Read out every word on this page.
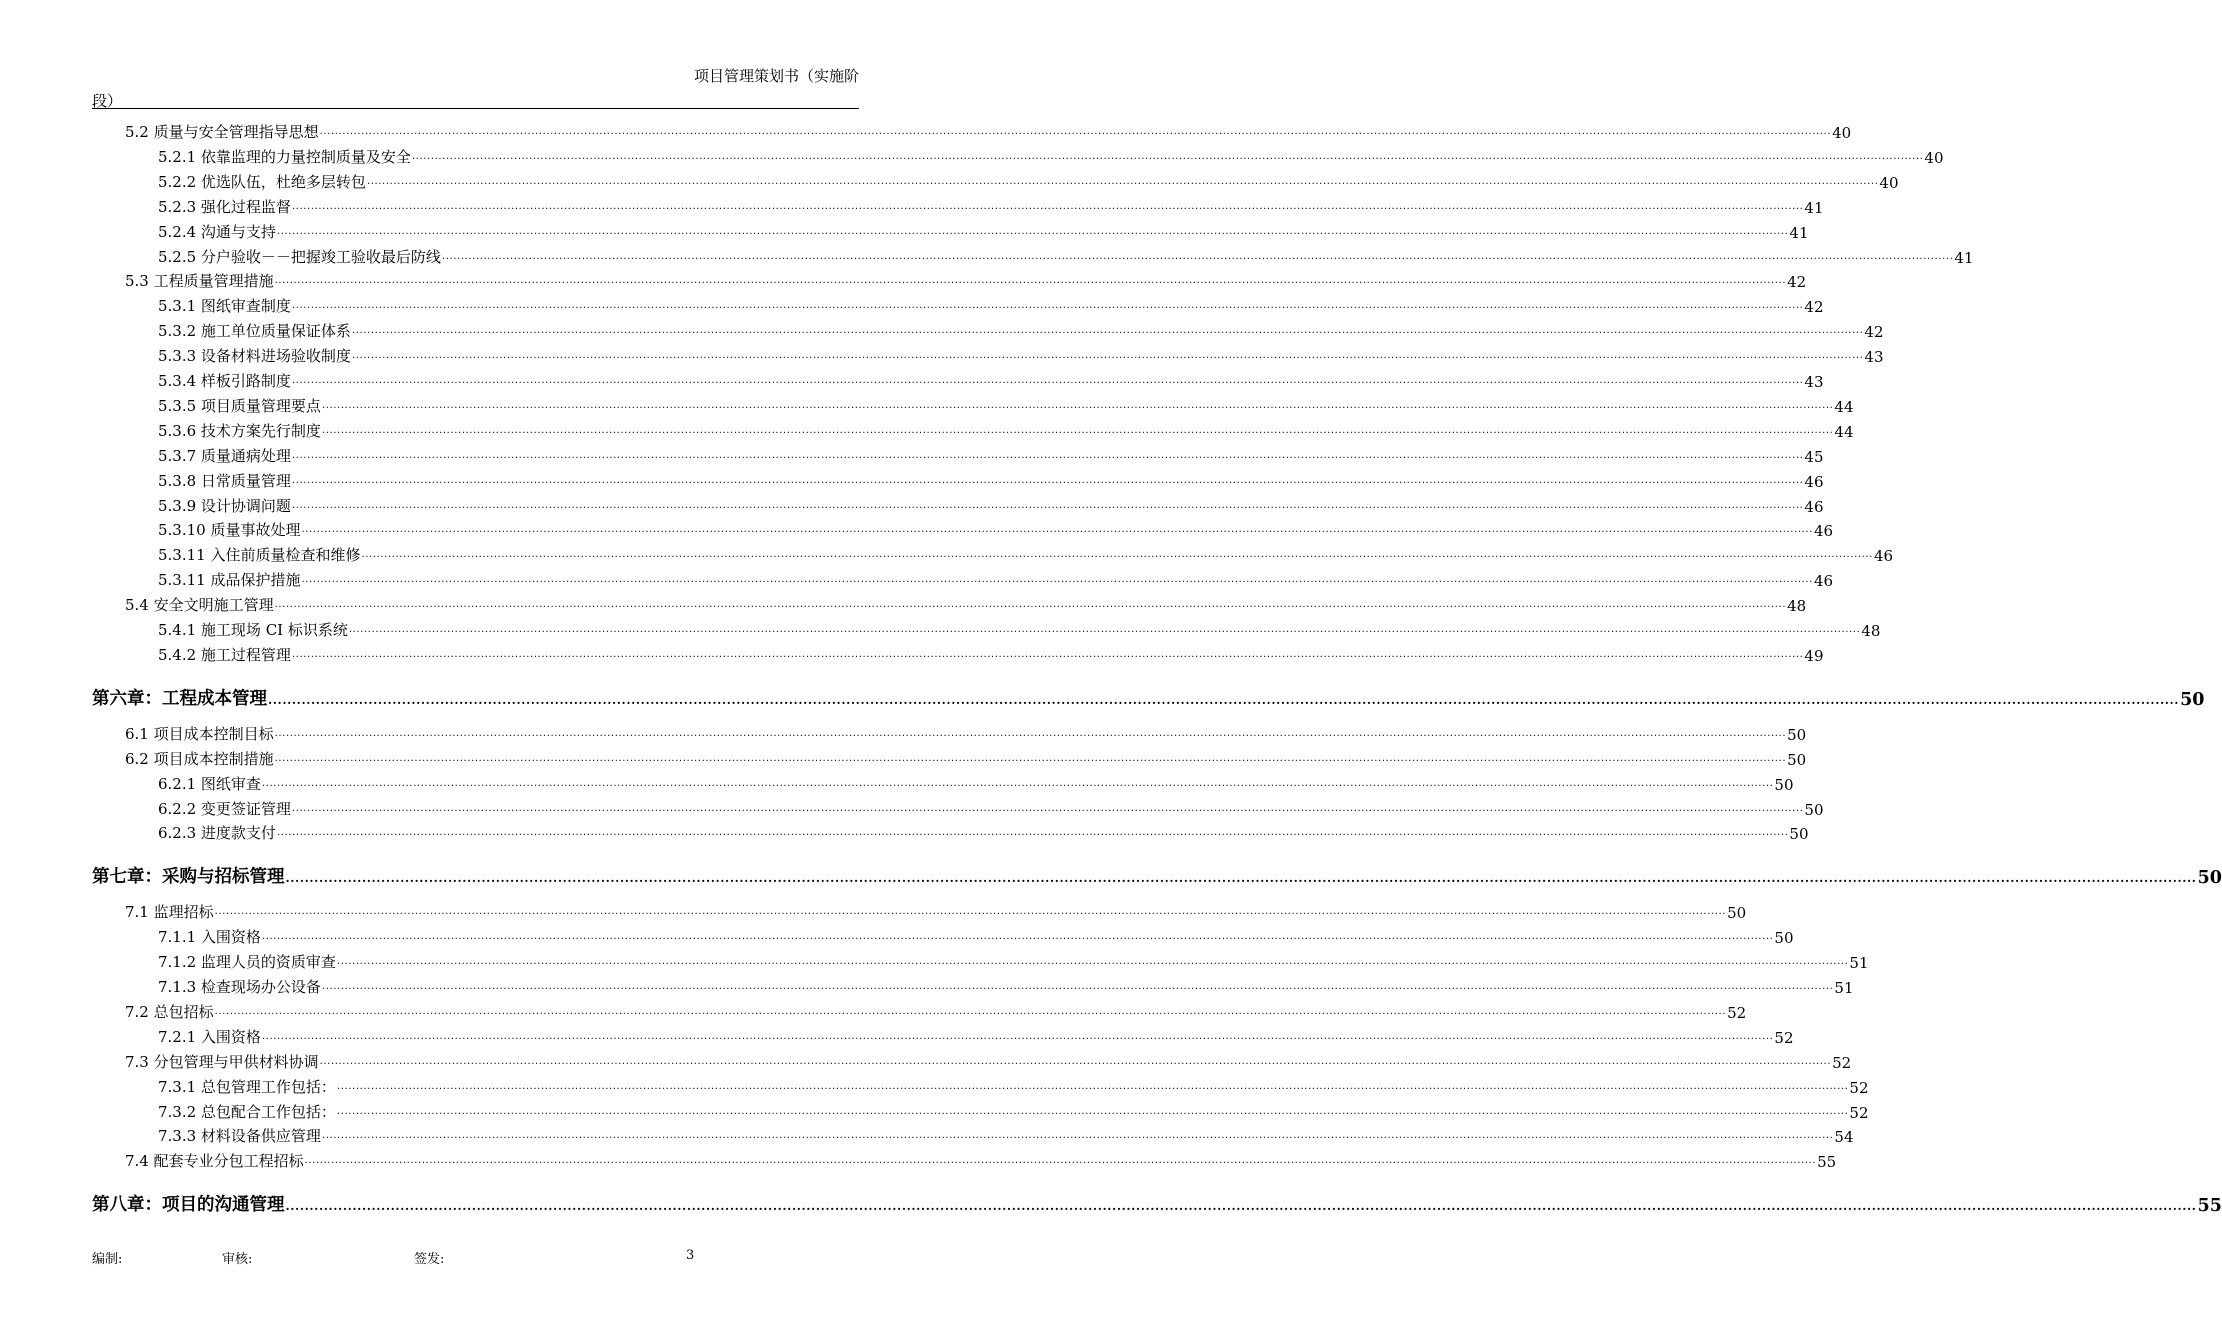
项目管理策划书（实施阶
段）
5.2 质量与安全管理指导思想 ................................................................................................................................................................................................................................................................................................................................................................................................................ 40
5.2.1 依靠监理的力量控制质量及安全 ................................................................................................................................................................................................................................................................................................................................................................................................................ 40
5.2.2 优选队伍，杜绝多层转包 ................................................................................................................................................................................................................................................................................................................................................................................................................ 40
5.2.3 强化过程监督 ................................................................................................................................................................................................................................................................................................................................................................................................................ 41
5.2.4 沟通与支持 ................................................................................................................................................................................................................................................................................................................................................................................................................ 41
5.2.5 分户验收－－把握竣工验收最后防线 ................................................................................................................................................................................................................................................................................................................................................................................................................ 41
5.3 工程质量管理措施 ................................................................................................................................................................................................................................................................................................................................................................................................................ 42
5.3.1 图纸审查制度 ................................................................................................................................................................................................................................................................................................................................................................................................................ 42
5.3.2 施工单位质量保证体系 ................................................................................................................................................................................................................................................................................................................................................................................................................ 42
5.3.3 设备材料进场验收制度 ................................................................................................................................................................................................................................................................................................................................................................................................................ 43
5.3.4 样板引路制度 ................................................................................................................................................................................................................................................................................................................................................................................................................ 43
5.3.5 项目质量管理要点 ................................................................................................................................................................................................................................................................................................................................................................................................................ 44
5.3.6 技术方案先行制度 ................................................................................................................................................................................................................................................................................................................................................................................................................ 44
5.3.7 质量通病处理 ................................................................................................................................................................................................................................................................................................................................................................................................................ 45
5.3.8 日常质量管理 ................................................................................................................................................................................................................................................................................................................................................................................................................ 46
5.3.9 设计协调问题 ................................................................................................................................................................................................................................................................................................................................................................................................................ 46
5.3.10 质量事故处理 ................................................................................................................................................................................................................................................................................................................................................................................................................ 46
5.3.11 入住前质量检查和维修 ................................................................................................................................................................................................................................................................................................................................................................................................................ 46
5.3.11 成品保护措施 ................................................................................................................................................................................................................................................................................................................................................................................................................ 46
5.4 安全文明施工管理 ................................................................................................................................................................................................................................................................................................................................................................................................................ 48
5.4.1 施工现场 CI 标识系统 ................................................................................................................................................................................................................................................................................................................................................................................................................ 48
5.4.2 施工过程管理 ................................................................................................................................................................................................................................................................................................................................................................................................................ 49
第六章：工程成本管理 ................................................................................................................................................................................................................................................................................................................................................................................................................ 50
6.1 项目成本控制目标 ................................................................................................................................................................................................................................................................................................................................................................................................................ 50
6.2 项目成本控制措施 ................................................................................................................................................................................................................................................................................................................................................................................................................ 50
6.2.1 图纸审查 ................................................................................................................................................................................................................................................................................................................................................................................................................ 50
6.2.2 变更签证管理 ................................................................................................................................................................................................................................................................................................................................................................................................................ 50
6.2.3 进度款支付 ................................................................................................................................................................................................................................................................................................................................................................................................................ 50
第七章：采购与招标管理 ................................................................................................................................................................................................................................................................................................................................................................................................................ 50
7.1 监理招标 ................................................................................................................................................................................................................................................................................................................................................................................................................ 50
7.1.1 入围资格 ................................................................................................................................................................................................................................................................................................................................................................................................................ 50
7.1.2 监理人员的资质审查 ................................................................................................................................................................................................................................................................................................................................................................................................................ 51
7.1.3 检查现场办公设备 ................................................................................................................................................................................................................................................................................................................................................................................................................ 51
7.2 总包招标 ................................................................................................................................................................................................................................................................................................................................................................................................................ 52
7.2.1 入围资格 ................................................................................................................................................................................................................................................................................................................................................................................................................ 52
7.3 分包管理与甲供材料协调 ................................................................................................................................................................................................................................................................................................................................................................................................................ 52
7.3.1 总包管理工作包括： ................................................................................................................................................................................................................................................................................................................................................................................................................ 52
7.3.2 总包配合工作包括： ................................................................................................................................................................................................................................................................................................................................................................................................................ 52
7.3.3 材料设备供应管理 ................................................................................................................................................................................................................................................................................................................................................................................................................ 54
7.4 配套专业分包工程招标 ................................................................................................................................................................................................................................................................................................................................................................................................................ 55
第八章：项目的沟通管理 ................................................................................................................................................................................................................................................................................................................................................................................................................ 55
编制:	审核:	签发:	3
